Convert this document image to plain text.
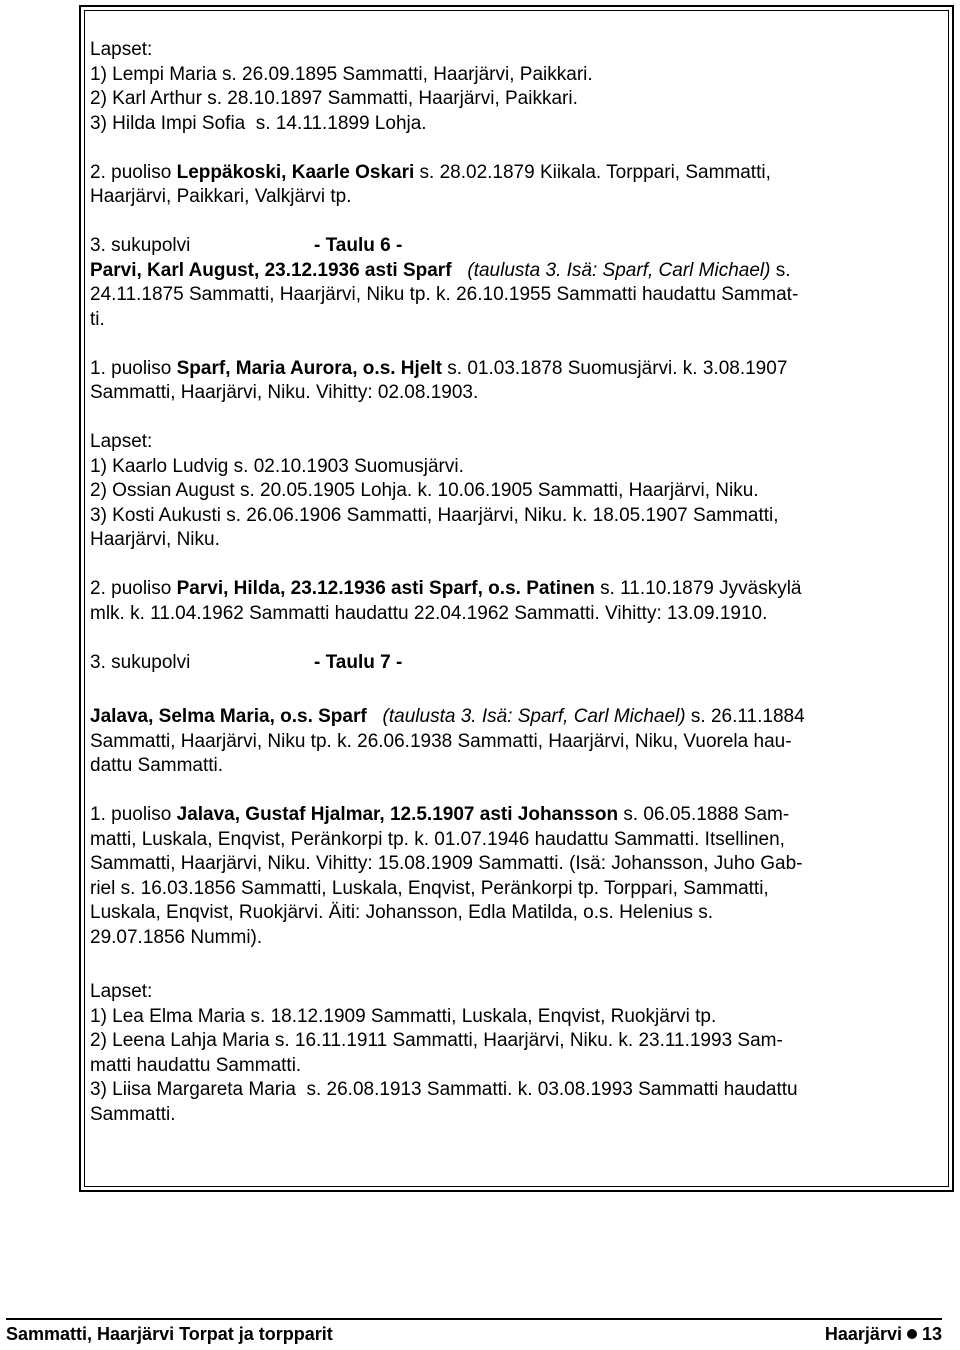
Lapset:
1) Lempi Maria s. 26.09.1895 Sammatti, Haarjärvi, Paikkari.
2) Karl Arthur s. 28.10.1897 Sammatti, Haarjärvi, Paikkari.
3) Hilda Impi Sofia  s. 14.11.1899 Lohja.
2. puoliso Leppäkoski, Kaarle Oskari s. 28.02.1879 Kiikala. Torppari, Sammatti,
Haarjärvi, Paikkari, Valkjärvi tp.
3. sukupolvi	- Taulu 6 -
Parvi, Karl August, 23.12.1936 asti Sparf (taulusta 3. Isä: Sparf, Carl Michael) s.
24.11.1875 Sammatti, Haarjärvi, Niku tp. k. 26.10.1955 Sammatti haudattu Sammat-
ti.
1. puoliso Sparf, Maria Aurora, o.s. Hjelt s. 01.03.1878 Suomusjärvi. k. 3.08.1907
Sammatti, Haarjärvi, Niku. Vihitty: 02.08.1903.
Lapset:
1) Kaarlo Ludvig s. 02.10.1903 Suomusjärvi.
2) Ossian August s. 20.05.1905 Lohja. k. 10.06.1905 Sammatti, Haarjärvi, Niku.
3) Kosti Aukusti s. 26.06.1906 Sammatti, Haarjärvi, Niku. k. 18.05.1907 Sammatti,
Haarjärvi, Niku.
2. puoliso Parvi, Hilda, 23.12.1936 asti Sparf, o.s. Patinen s. 11.10.1879 Jyväskylä
mlk. k. 11.04.1962 Sammatti haudattu 22.04.1962 Sammatti. Vihitty: 13.09.1910.
3. sukupolvi	- Taulu 7 -
Jalava, Selma Maria, o.s. Sparf (taulusta 3. Isä: Sparf, Carl Michael) s. 26.11.1884
Sammatti, Haarjärvi, Niku tp. k. 26.06.1938 Sammatti, Haarjärvi, Niku, Vuorela hau-
dattu Sammatti.
1. puoliso Jalava, Gustaf Hjalmar, 12.5.1907 asti Johansson s. 06.05.1888 Sam-
matti, Luskala, Enqvist, Peränkorpi tp. k. 01.07.1946 haudattu Sammatti. Itsellinen,
Sammatti, Haarjärvi, Niku. Vihitty: 15.08.1909 Sammatti. (Isä: Johansson, Juho Gab-
riel s. 16.03.1856 Sammatti, Luskala, Enqvist, Peränkorpi tp. Torppari, Sammatti,
Luskala, Enqvist, Ruokjärvi. Äiti: Johansson, Edla Matilda, o.s. Helenius s.
29.07.1856 Nummi).
Lapset:
1) Lea Elma Maria s. 18.12.1909 Sammatti, Luskala, Enqvist, Ruokjärvi tp.
2) Leena Lahja Maria s. 16.11.1911 Sammatti, Haarjärvi, Niku. k. 23.11.1993 Sam-
matti haudattu Sammatti.
3) Liisa Margareta Maria  s. 26.08.1913 Sammatti. k. 03.08.1993 Sammatti haudattu
Sammatti.
Sammatti, Haarjärvi Torpat ja torpparit	Haarjärvi 13
